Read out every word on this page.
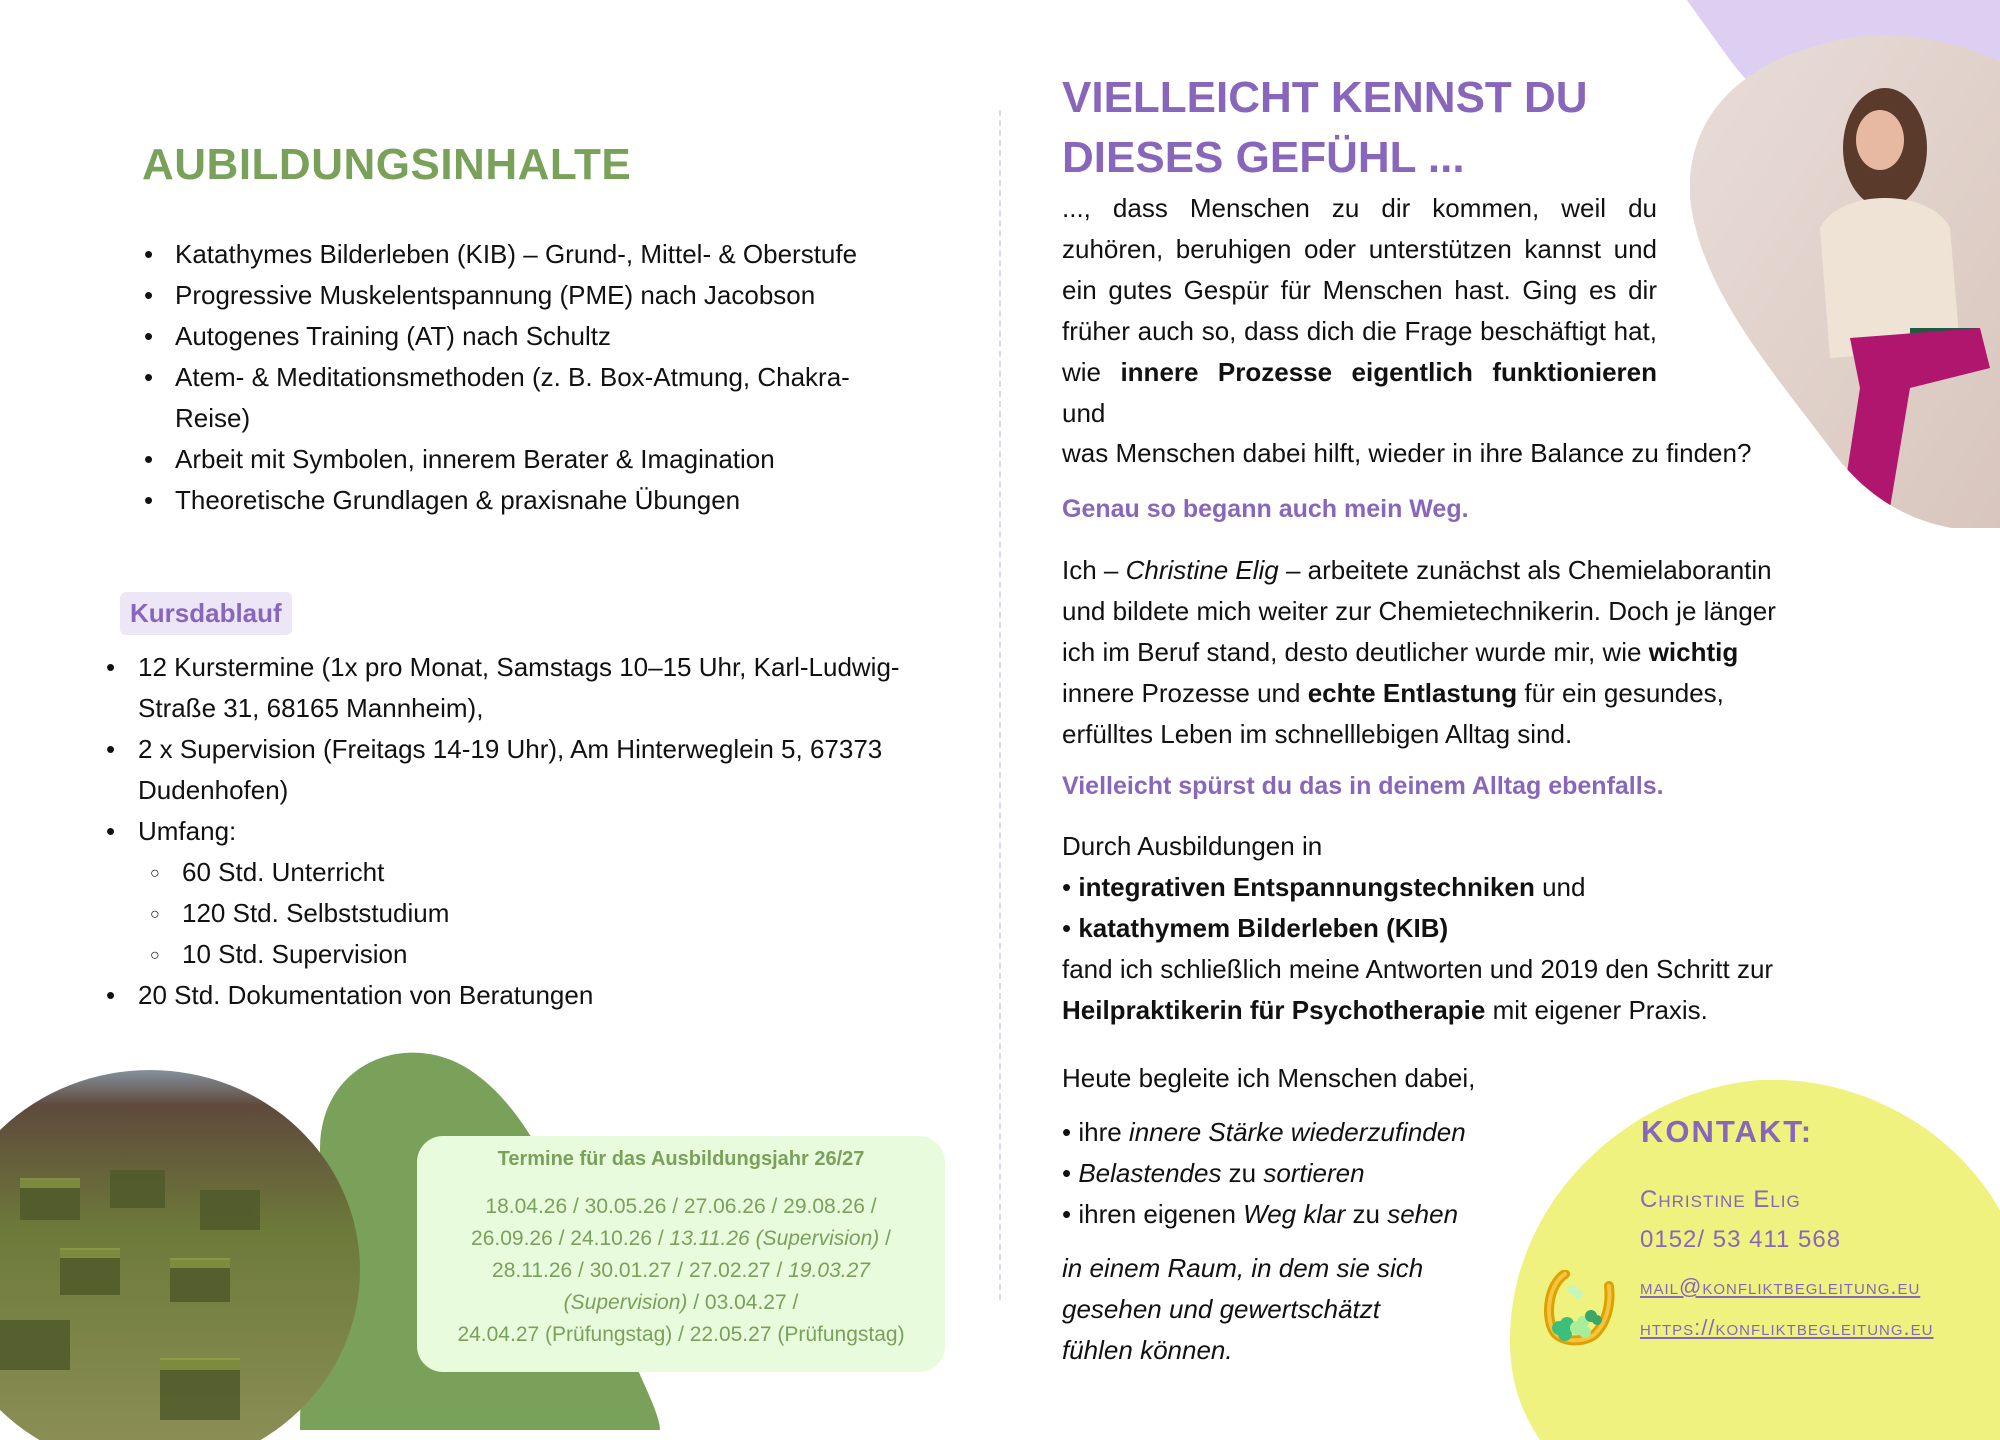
AUBILDUNGSINHALTE
• Katathymes Bilderleben (KIB) – Grund-, Mittel- & Oberstufe
• Progressive Muskelentspannung (PME) nach Jacobson
• Autogenes Training (AT) nach Schultz
• Atem- & Meditationsmethoden (z. B. Box-Atmung, Chakra-Reise)
• Arbeit mit Symbolen, innerem Berater & Imagination
• Theoretische Grundlagen & praxisnahe Übungen
Kursdablauf
• 12 Kurstermine (1x pro Monat, Samstags 10–15 Uhr, Karl-Ludwig-Straße 31, 68165 Mannheim),
• 2 x Supervision (Freitags 14-19 Uhr), Am Hinterweglein 5, 67373 Dudenhofen)
• Umfang:
○ 60 Std. Unterricht
○ 120 Std. Selbststudium
○ 10 Std. Supervision
• 20 Std. Dokumentation von Beratungen
Termine für das Ausbildungsjahr 26/27
18.04.26 / 30.05.26 / 27.06.26 / 29.08.26 /
26.09.26 / 24.10.26 / 13.11.26 (Supervision) /
28.11.26 / 30.01.27 / 27.02.27 / 19.03.27
(Supervision) / 03.04.27 /
24.04.27 (Prüfungstag) / 22.05.27 (Prüfungstag)
VIELLEICHT KENNST DU
DIESES GEFÜHL ...
..., dass Menschen zu dir kommen, weil du zuhören, beruhigen oder unterstützen kannst und ein gutes Gespür für Menschen hast. Ging es dir früher auch so, dass dich die Frage beschäftigt hat, wie innere Prozesse eigentlich funktionieren und
was Menschen dabei hilft, wieder in ihre Balance zu finden?
Genau so begann auch mein Weg.
Ich – Christine Elig – arbeitete zunächst als Chemielaborantin
und bildete mich weiter zur Chemietechnikerin. Doch je länger
ich im Beruf stand, desto deutlicher wurde mir, wie wichtig
innere Prozesse und echte Entlastung für ein gesundes,
erfülltes Leben im schnelllebigen Alltag sind.
Vielleicht spürst du das in deinem Alltag ebenfalls.
Durch Ausbildungen in
• integrativen Entspannungstechniken und
• katathymem Bilderleben (KIB)
fand ich schließlich meine Antworten und 2019 den Schritt zur
Heilpraktikerin für Psychotherapie mit eigener Praxis.
Heute begleite ich Menschen dabei,
• ihre innere Stärke wiederzufinden
• Belastendes zu sortieren
• ihren eigenen Weg klar zu sehen
in einem Raum, in dem sie sich
gesehen und gewertschätzt
fühlen können.
KONTAKT:
Christine Elig
0152/ 53 411 568
mail@konfliktbegleitung.eu
https://konfliktbegleitung.eu
